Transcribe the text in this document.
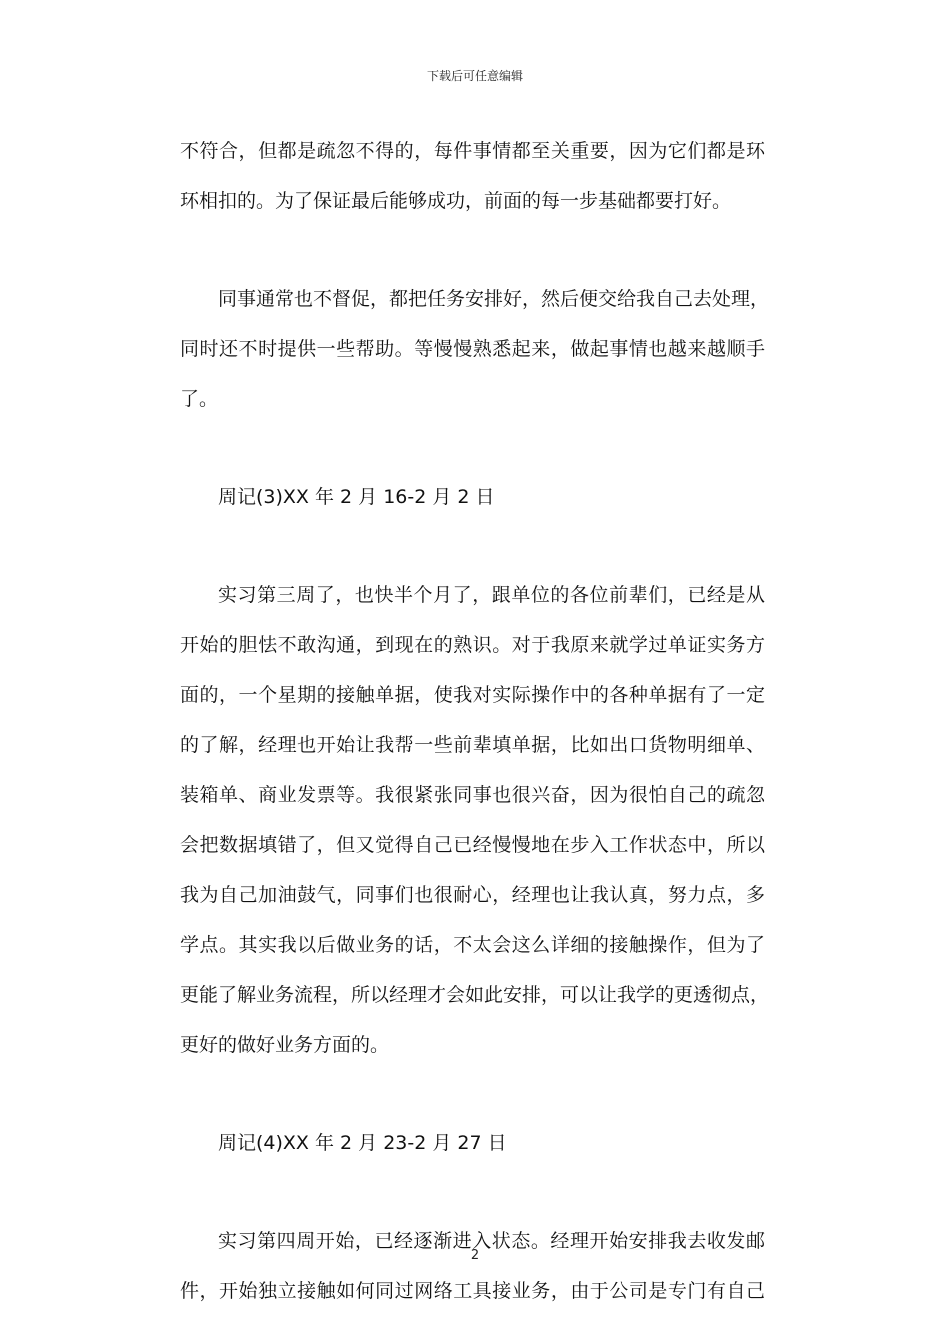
下载后可任意编辑
不符合，但都是疏忽不得的，每件事情都至关重要，因为它们都是环
环相扣的。为了保证最后能够成功，前面的每一步基础都要打好。
同事通常也不督促，都把任务安排好，然后便交给我自己去处理，
同时还不时提供一些帮助。等慢慢熟悉起来，做起事情也越来越顺手
了。
周记(3)XX 年 2 月 16-2 月 2 日
实习第三周了，也快半个月了，跟单位的各位前辈们，已经是从
开始的胆怯不敢沟通，到现在的熟识。对于我原来就学过单证实务方
面的，一个星期的接触单据，使我对实际操作中的各种单据有了一定
的了解，经理也开始让我帮一些前辈填单据，比如出口货物明细单、
装箱单、商业发票等。我很紧张同事也很兴奋，因为很怕自己的疏忽
会把数据填错了，但又觉得自己已经慢慢地在步入工作状态中，所以
我为自己加油鼓气，同事们也很耐心，经理也让我认真，努力点，多
学点。其实我以后做业务的话，不太会这么详细的接触操作，但为了
更能了解业务流程，所以经理才会如此安排，可以让我学的更透彻点，
更好的做好业务方面的。
周记(4)XX 年 2 月 23-2 月 27 日
实习第四周开始，已经逐渐进入状态。经理开始安排我去收发邮
件，开始独立接触如何同过网络工具接业务，由于公司是专门有自己
2
